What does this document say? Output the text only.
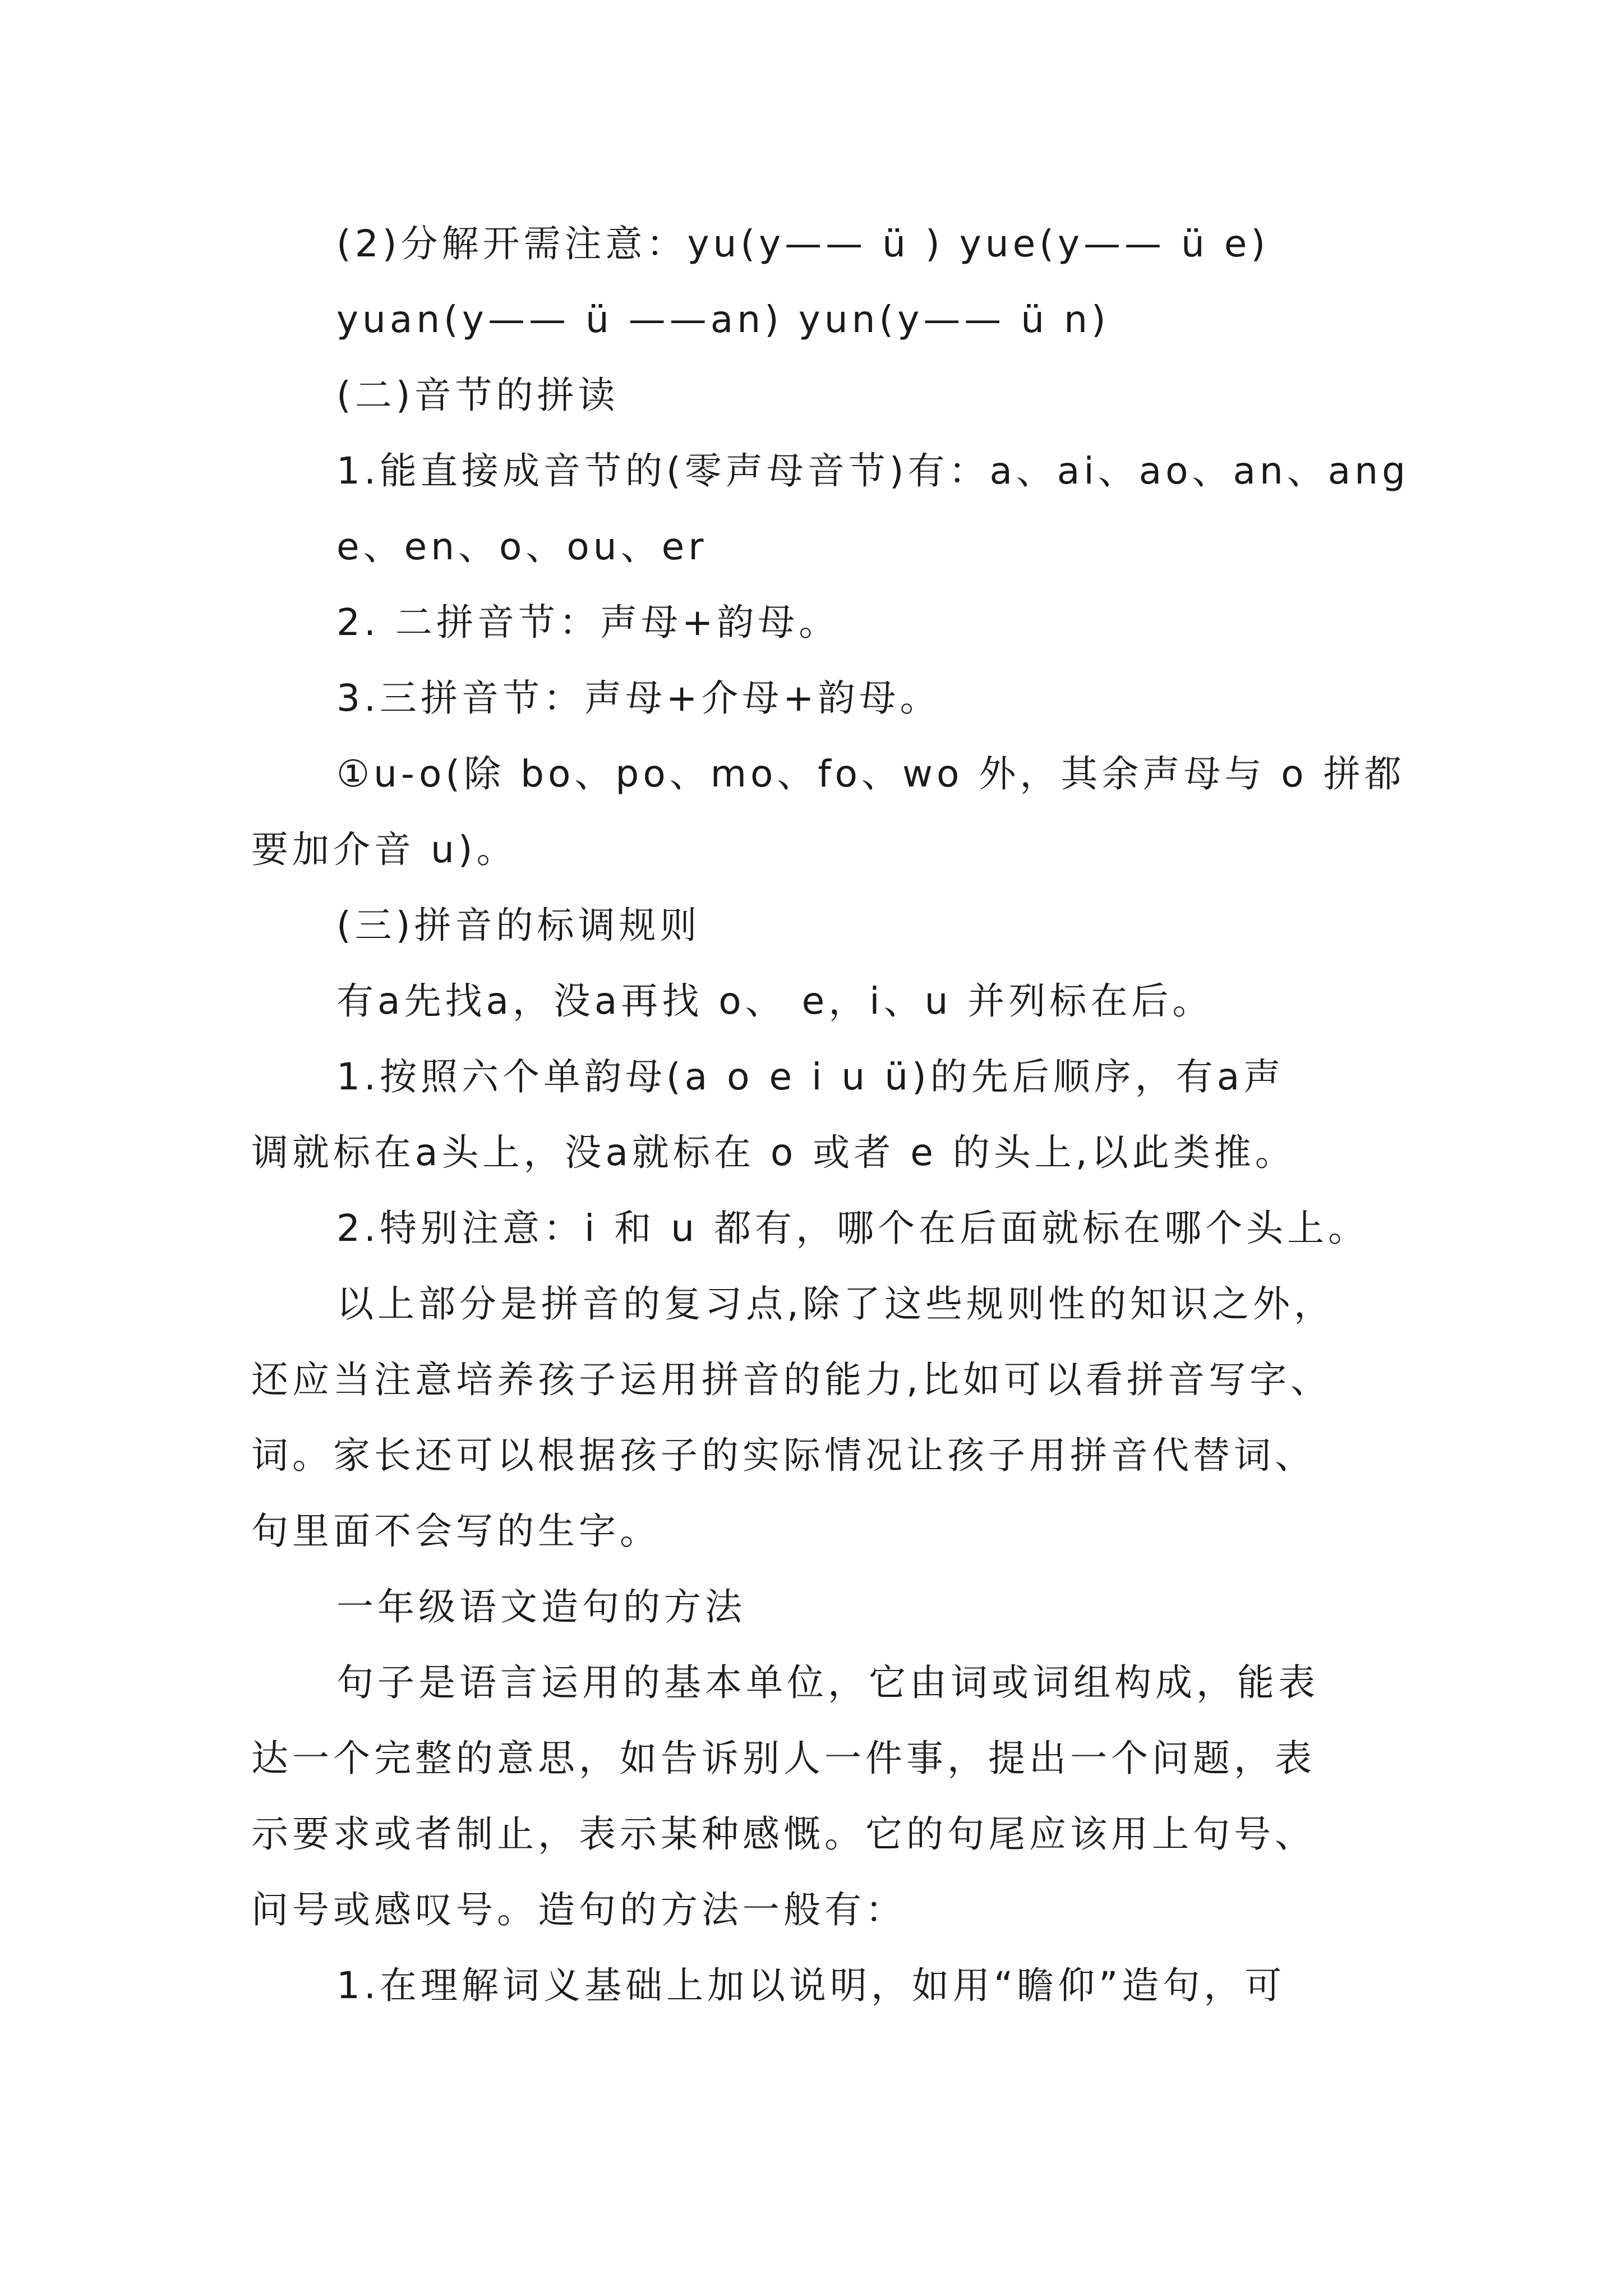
(2)分解开需注意：yu(y—— ü ) yue(y—— ü e)
yuan(y—— ü ——an) yun(y—— ü n)
(二)音节的拼读
1.能直接成音节的(零声母音节)有：a、ai、ao、an、ang
e、en、o、ou、er
2. 二拼音节：声母+韵母。
3.三拼音节：声母+介母+韵母。
①u-o(除 bo、po、mo、fo、wo 外，其余声母与 o 拼都
要加介音 u)。
(三)拼音的标调规则
有a先找a，没a再找 o、 e，i、u 并列标在后。
1.按照六个单韵母(a o e i u ü)的先后顺序，有a声
调就标在a头上，没a就标在 o 或者 e 的头上,以此类推。
2.特别注意：i 和 u 都有，哪个在后面就标在哪个头上。
以上部分是拼音的复习点,除了这些规则性的知识之外，
还应当注意培养孩子运用拼音的能力,比如可以看拼音写字、
词。家长还可以根据孩子的实际情况让孩子用拼音代替词、
句里面不会写的生字。
一年级语文造句的方法
句子是语言运用的基本单位，它由词或词组构成，能表
达一个完整的意思，如告诉别人一件事，提出一个问题，表
示要求或者制止，表示某种感慨。它的句尾应该用上句号、
问号或感叹号。造句的方法一般有：
1.在理解词义基础上加以说明，如用“瞻仰”造句，可
